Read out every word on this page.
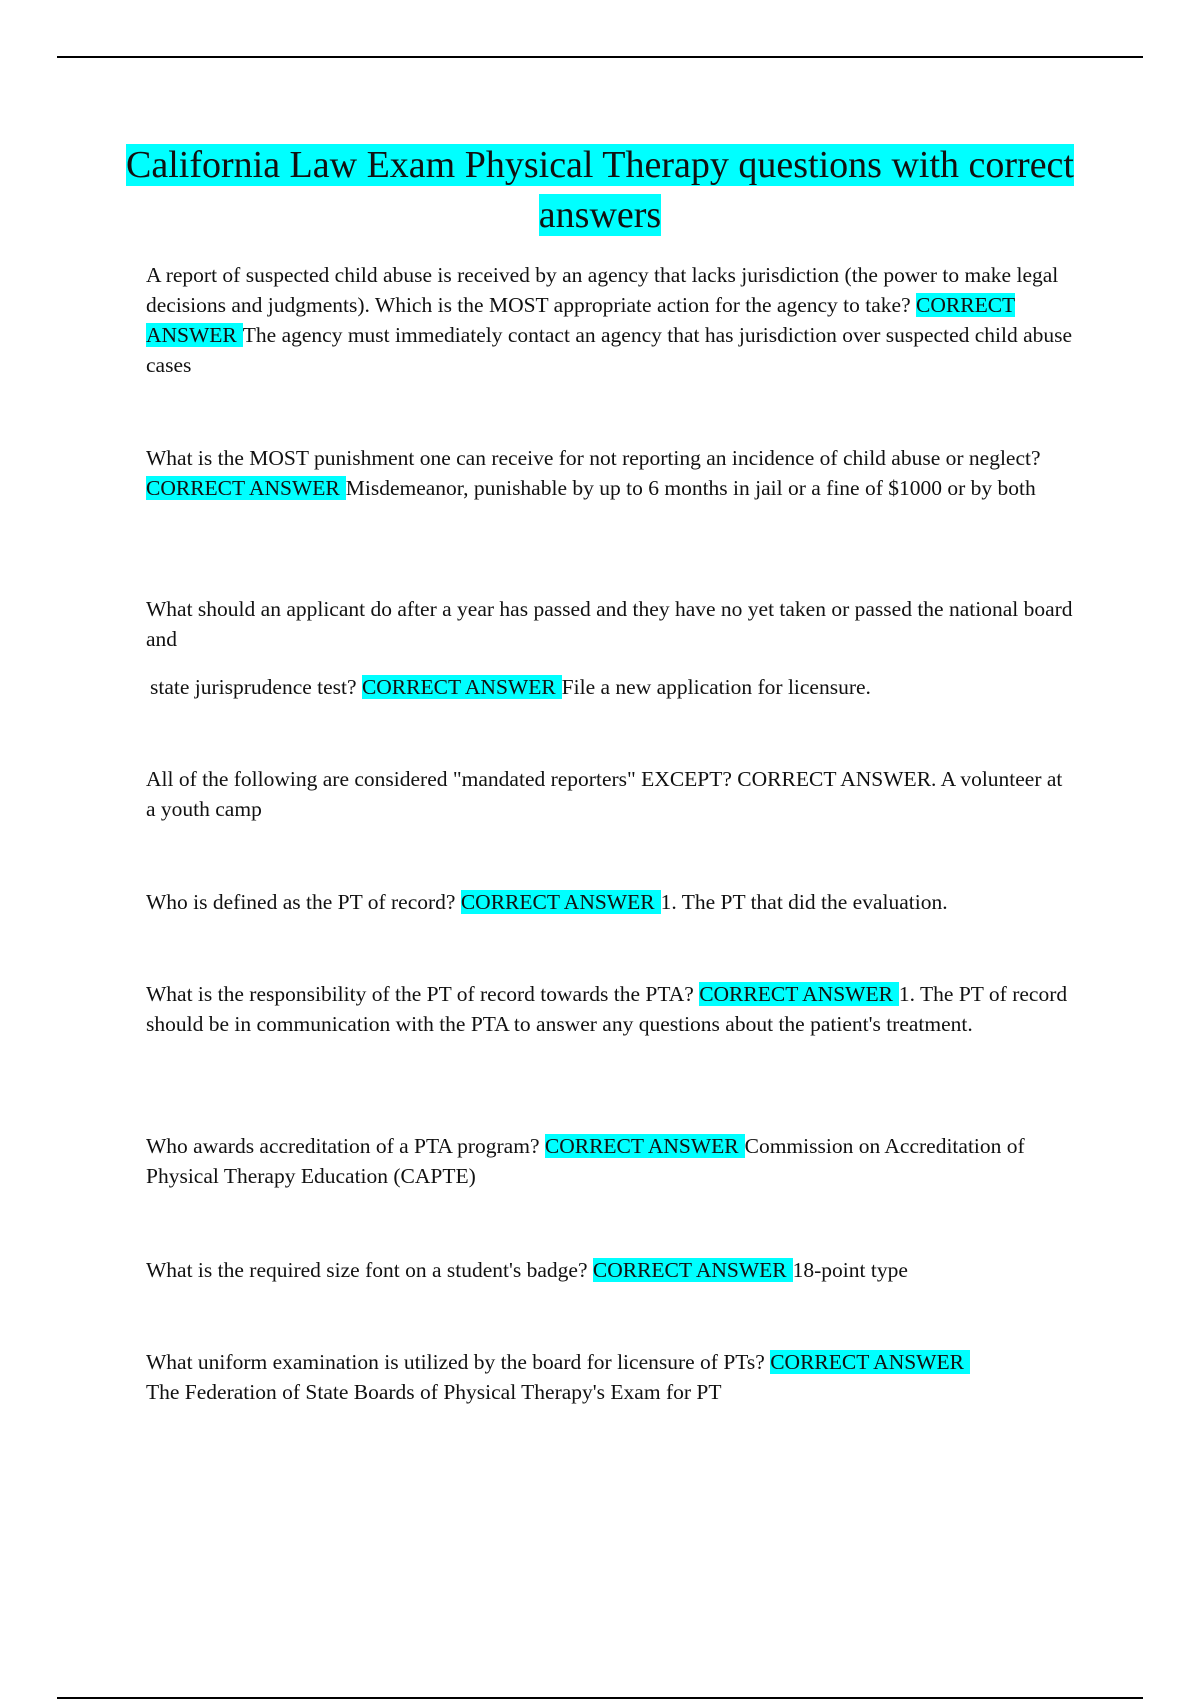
California Law Exam Physical Therapy questions with correct answers

A report of suspected child abuse is received by an agency that lacks jurisdiction (the power to make legal decisions and judgments). Which is the MOST appropriate action for the agency to take? CORRECT ANSWER The agency must immediately contact an agency that has jurisdiction over suspected child abuse cases

What is the MOST punishment one can receive for not reporting an incidence of child abuse or neglect? CORRECT ANSWER Misdemeanor, punishable by up to 6 months in jail or a fine of $1000 or by both

What should an applicant do after a year has passed and they have no yet taken or passed the national board and

state jurisprudence test? CORRECT ANSWER File a new application for licensure.

All of the following are considered "mandated reporters" EXCEPT? CORRECT ANSWER. A volunteer at a youth camp

Who is defined as the PT of record? CORRECT ANSWER 1. The PT that did the evaluation.

What is the responsibility of the PT of record towards the PTA? CORRECT ANSWER 1. The PT of record should be in communication with the PTA to answer any questions about the patient's treatment.

Who awards accreditation of a PTA program? CORRECT ANSWER Commission on Accreditation of Physical Therapy Education (CAPTE)

What is the required size font on a student's badge? CORRECT ANSWER 18-point type

What uniform examination is utilized by the board for licensure of PTs? CORRECT ANSWER
The Federation of State Boards of Physical Therapy's Exam for PT
